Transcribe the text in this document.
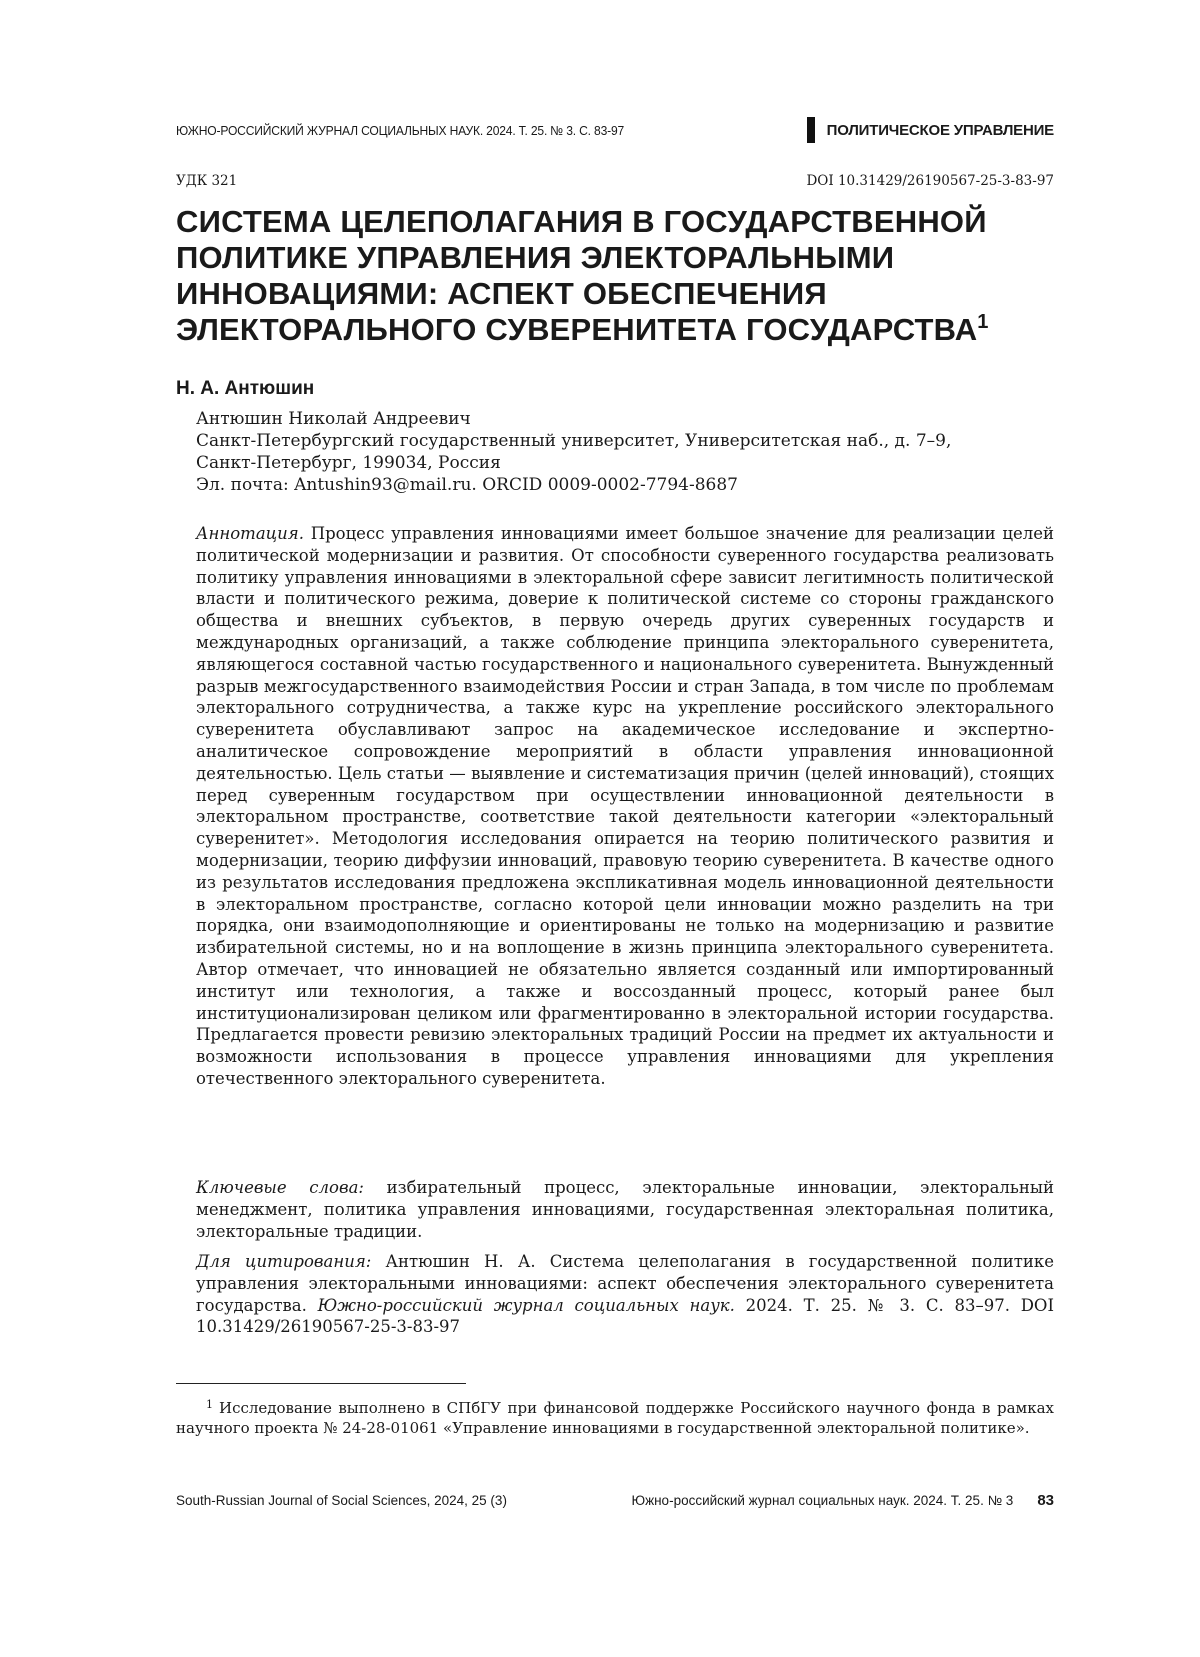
ЮЖНО-РОССИЙСКИЙ ЖУРНАЛ СОЦИАЛЬНЫХ НАУК. 2024. Т. 25. № 3. С. 83-97	ПОЛИТИЧЕСКОЕ УПРАВЛЕНИЕ
УДК 321	DOI 10.31429/26190567-25-3-83-97
СИСТЕМА ЦЕЛЕПОЛАГАНИЯ В ГОСУДАРСТВЕННОЙ ПОЛИТИКЕ УПРАВЛЕНИЯ ЭЛЕКТОРАЛЬНЫМИ ИННОВАЦИЯМИ: АСПЕКТ ОБЕСПЕЧЕНИЯ ЭЛЕКТОРАЛЬНОГО СУВЕРЕНИТЕТА ГОСУДАРСТВА$^1$
Н. А. Антюшин
Антюшин Николай Андреевич
Санкт-Петербургский государственный университет, Университетская наб., д. 7–9,
Санкт-Петербург, 199034, Россия
Эл. почта: Antushin93@mail.ru. ORCID 0009-0002-7794-8687

Аннотация. Процесс управления инновациями имеет большое значение для реализации целей политической модернизации и развития. От способности суверенного государства реализовать политику управления инновациями в электоральной сфере зависит легитимность политической власти и политического режима, доверие к политической системе со стороны гражданского общества и внешних субъектов, в первую очередь других суверенных государств и международных организаций, а также соблюдение принципа электорального суверенитета, являющегося составной частью государственного и национального суверенитета. Вынужденный разрыв межгосударственного взаимодействия России и стран Запада, в том числе по проблемам электорального сотрудничества, а также курс на укрепление российского электорального суверенитета обуславливают запрос на академическое исследование и экспертно-аналитическое сопровождение мероприятий в области управления инновационной деятельностью. Цель статьи — выявление и систематизация причин (целей инноваций), стоящих перед суверенным государством при осуществлении инновационной деятельности в электоральном пространстве, соответствие такой деятельности категории «электоральный суверенитет». Методология исследования опирается на теорию политического развития и модернизации, теорию диффузии инноваций, правовую теорию суверенитета. В качестве одного из результатов исследования предложена экспликативная модель инновационной деятельности в электоральном пространстве, согласно которой цели инновации можно разделить на три порядка, они взаимодополняющие и ориентированы не только на модернизацию и развитие избирательной системы, но и на воплощение в жизнь принципа электорального суверенитета. Автор отмечает, что инновацией не обязательно является созданный или импортированный институт или технология, а также и воссозданный процесс, который ранее был институционализирован целиком или фрагментированно в электоральной истории государства. Предлагается провести ревизию электоральных традиций России на предмет их актуальности и возможности использования в процессе управления инновациями для укрепления отечественного электорального суверенитета.

Ключевые слова: избирательный процесс, электоральные инновации, электоральный менеджмент, политика управления инновациями, государственная электоральная политика, электоральные традиции.

Для цитирования: Антюшин Н. А. Система целеполагания в государственной политике управления электоральными инновациями: аспект обеспечения электорального суверенитета государства. Южно-российский журнал социальных наук. 2024. Т. 25. № 3. С. 83–97. DOI 10.31429/26190567-25-3-83-97

$^1$ Исследование выполнено в СПбГУ при финансовой поддержке Российского научного фонда в рамках научного проекта № 24-28-01061 «Управление инновациями в государственной электоральной политике».

South-Russian Journal of Social Sciences, 2024, 25 (3)	Южно-российский журнал социальных наук. 2024. Т. 25. № 3 83
